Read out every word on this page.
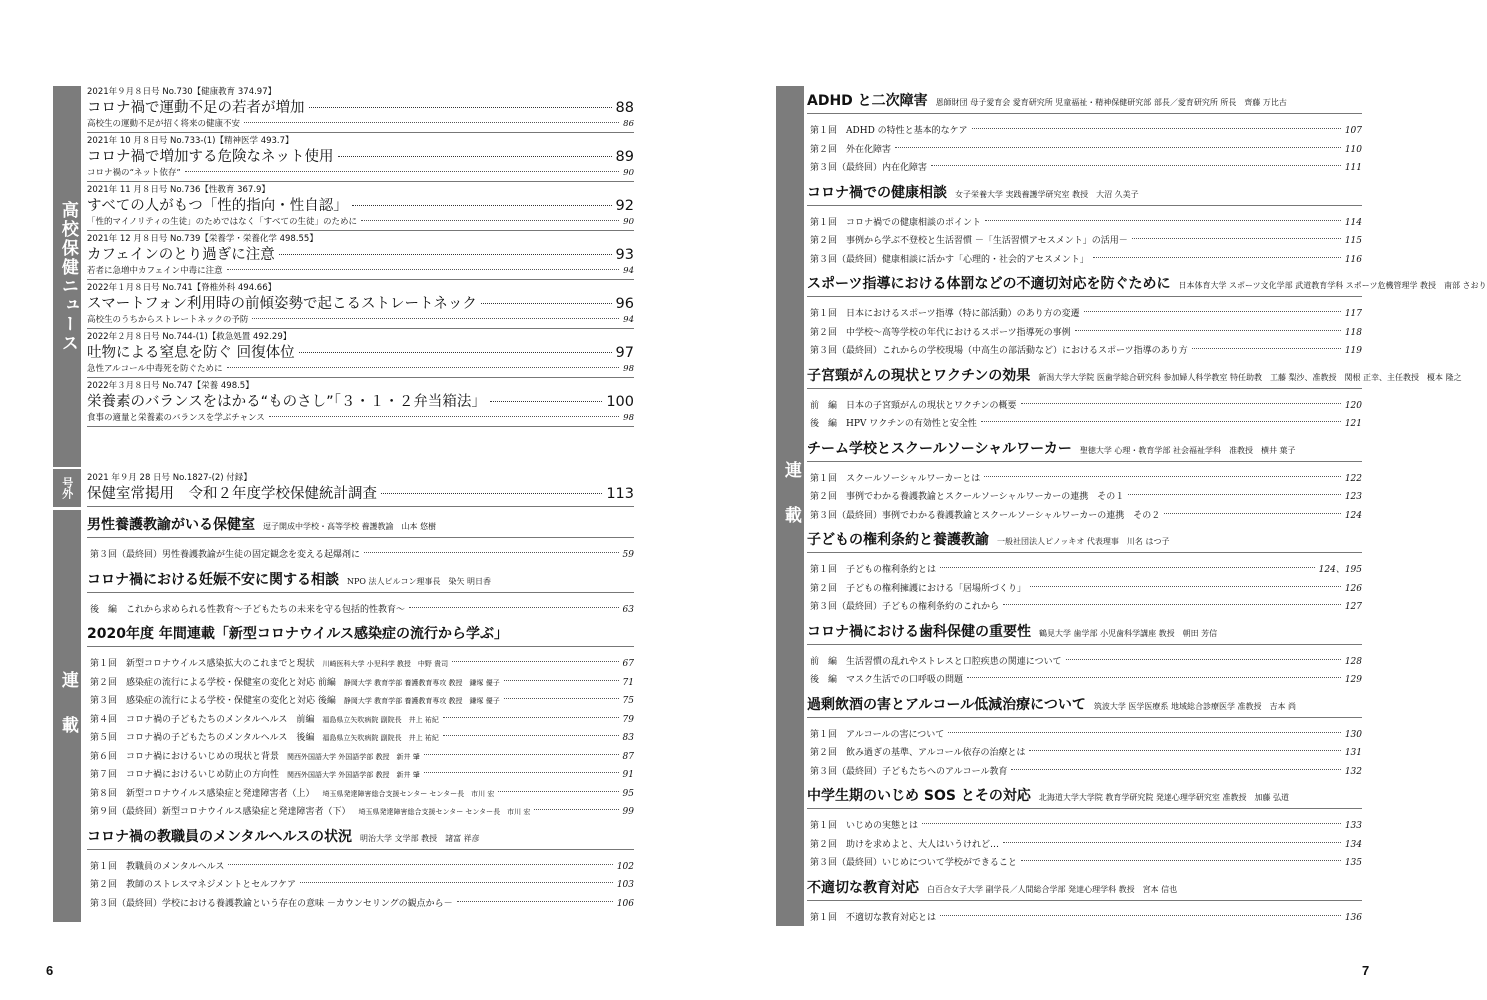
高校保健ニュース
号外
連載
2021年９月８日号 No.730【健康教育 374.97】
コロナ禍で運動不足の若者が増加	88
高校生の運動不足が招く将来の健康不安	86
2021年 10 月８日号 No.733-(1)【精神医学 493.7】
コロナ禍で増加する危険なネット使用	89
コロナ禍の“ネット依存”	90
2021年 11 月８日号 No.736【性教育 367.9】
すべての人がもつ「性的指向・性自認」	92
「性的マイノリティの生徒」のためではなく「すべての生徒」のために	90
2021年 12 月８日号 No.739【栄養学・栄養化学 498.55】
カフェインのとり過ぎに注意	93
若者に急増中カフェイン中毒に注意	94
2022年１月８日号 No.741【脊椎外科 494.66】
スマートフォン利用時の前傾姿勢で起こるストレートネック	96
高校生のうちからストレートネックの予防	94
2022年２月８日号 No.744-(1)【救急処置 492.29】
吐物による窒息を防ぐ 回復体位	97
急性アルコール中毒死を防ぐために	98
2022年３月８日号 No.747【栄養 498.5】
栄養素のバランスをはかる“ものさし”「３・１・２弁当箱法」	100
食事の適量と栄養素のバランスを学ぶチャンス	98
2021 年９月 28 日号 No.1827-(2) 付録】
保健室常掲用　令和２年度学校保健統計調査	113
男性養護教諭がいる保健室 逗子開成中学校・高等学校 養護教諭　山本 悠樹
第３回（最終回）男性養護教諭が生徒の固定観念を変える起爆剤に	59
コロナ禍における妊娠不安に関する相談 NPO 法人ピルコン理事長　染矢 明日香
後　編　これから求められる性教育～子どもたちの未来を守る包括的性教育～	63
2020年度 年間連載「新型コロナウイルス感染症の流行から学ぶ」
第１回　新型コロナウイルス感染拡大のこれまでと現状 川崎医科大学 小児科学 教授　中野 貴司	67
第２回　感染症の流行による学校・保健室の変化と対応 前編 静岡大学 教育学部 養護教育専攻 教授　鎌塚 優子	71
第３回　感染症の流行による学校・保健室の変化と対応 後編 静岡大学 教育学部 養護教育専攻 教授　鎌塚 優子	75
第４回　コロナ禍の子どもたちのメンタルヘルス　前編 福島県立矢吹病院 副院長　井上 祐紀	79
第５回　コロナ禍の子どもたちのメンタルヘルス　後編 福島県立矢吹病院 副院長　井上 祐紀	83
第６回　コロナ禍におけるいじめの現状と背景 関西外国語大学 外国語学部 教授　新井 肇	87
第７回　コロナ禍におけるいじめ防止の方向性 関西外国語大学 外国語学部 教授　新井 肇	91
第８回　新型コロナウイルス感染症と発達障害者（上） 埼玉県発達障害総合支援センター センター長　市川 宏	95
第９回（最終回）新型コロナウイルス感染症と発達障害者（下） 埼玉県発達障害総合支援センター センター長　市川 宏	99
コロナ禍の教職員のメンタルヘルスの状況 明治大学 文学部 教授　諸富 祥彦
第１回　教職員のメンタルヘルス	102
第２回　教師のストレスマネジメントとセルフケア	103
第３回（最終回）学校における養護教諭という存在の意味 －カウンセリングの観点から－	106
6
連載
ADHD と二次障害 恩師財団 母子愛育会 愛育研究所 児童福祉・精神保健研究部 部長／愛育研究所 所長　齊藤 万比古
第１回　ADHD の特性と基本的なケア	107
第２回　外在化障害	110
第３回（最終回）内在化障害	111
コロナ禍での健康相談 女子栄養大学 実践養護学研究室 教授　大沼 久美子
第１回　コロナ禍での健康相談のポイント	114
第２回　事例から学ぶ不登校と生活習慣 －「生活習慣アセスメント」の活用－	115
第３回（最終回）健康相談に活かす「心理的・社会的アセスメント」	116
スポーツ指導における体罰などの不適切対応を防ぐために 日本体育大学 スポーツ文化学部 武道教育学科 スポーツ危機管理学 教授　南部 さおり
第１回　日本におけるスポーツ指導（特に部活動）のあり方の変遷	117
第２回　中学校～高等学校の年代におけるスポーツ指導死の事例	118
第３回（最終回）これからの学校現場（中高生の部活動など）におけるスポーツ指導のあり方	119
子宮頸がんの現状とワクチンの効果 新潟大学大学院 医歯学総合研究科 参加婦人科学教室 特任助教　工藤 梨沙、准教授　関根 正幸、主任教授　榎本 隆之
前　編　日本の子宮頸がんの現状とワクチンの概要	120
後　編　HPV ワクチンの有効性と安全性	121
チーム学校とスクールソーシャルワーカー 聖徳大学 心理・教育学部 社会福祉学科　准教授　横井 葉子
第１回　スクールソーシャルワーカーとは	122
第２回　事例でわかる養護教諭とスクールソーシャルワーカーの連携　その１	123
第３回（最終回）事例でわかる養護教諭とスクールソーシャルワーカーの連携　その２	124
子どもの権利条約と養護教諭 一般社団法人ピノッキオ 代表理事　川名 はつ子
第１回　子どもの権利条約とは	124、195
第２回　子どもの権利擁護における「居場所づくり」	126
第３回（最終回）子どもの権利条約のこれから	127
コロナ禍における歯科保健の重要性 鶴見大学 歯学部 小児歯科学講座 教授　朝田 芳信
前　編　生活習慣の乱れやストレスと口腔疾患の関連について	128
後　編　マスク生活での口呼吸の問題	129
過剰飲酒の害とアルコール低減治療について 筑波大学 医学医療系 地域総合診療医学 准教授　吉本 尚
第１回　アルコールの害について	130
第２回　飲み過ぎの基準、アルコール依存の治療とは	131
第３回（最終回）子どもたちへのアルコール教育	132
中学生期のいじめ SOS とその対応 北海道大学大学院 教育学研究院 発達心理学研究室 准教授　加藤 弘道
第１回　いじめの実態とは	133
第２回　助けを求めよと、大人はいうけれど…	134
第３回（最終回）いじめについて学校ができること	135
不適切な教育対応 白百合女子大学 副学長／人間総合学部 発達心理学科 教授　宮本 信也
第１回　不適切な教育対応とは	136
7
